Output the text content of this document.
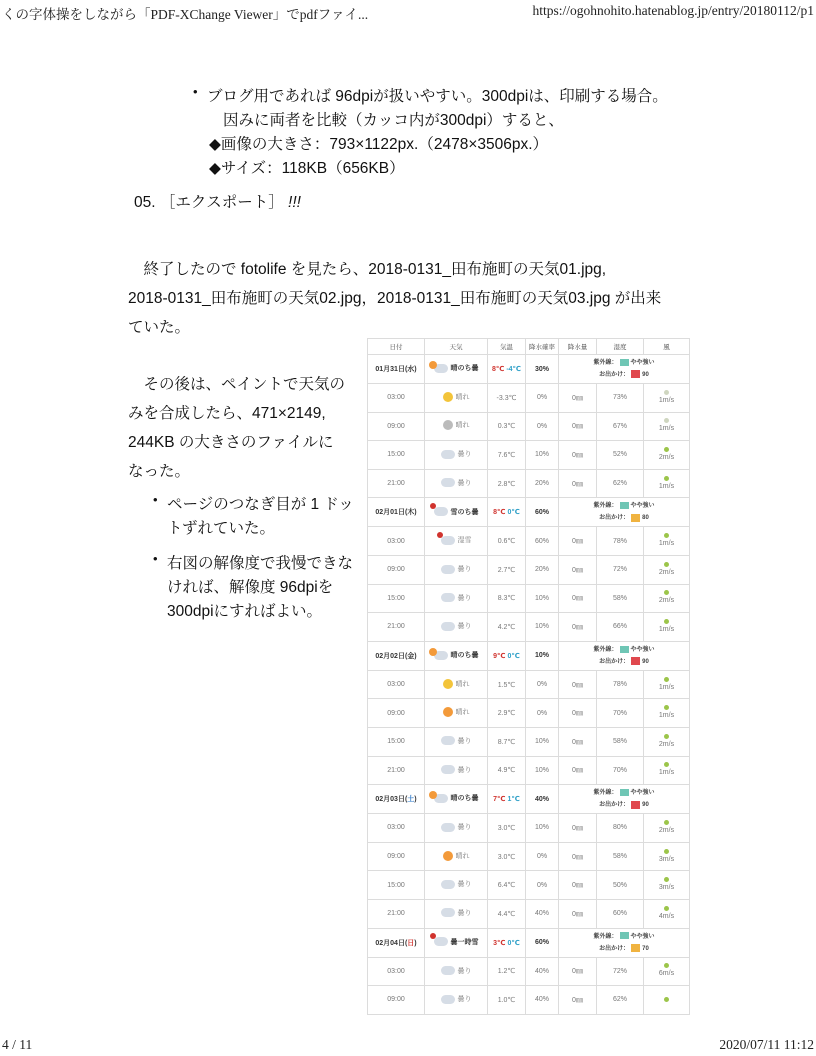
くの字体操をしながら「PDF-XChange Viewer」でpdfファイ...	https://ogohnohito.hatenablog.jp/entry/20180112/p1
• ブログ用であれば 96dpiが扱いやすい。300dpiは、印刷する場合。
因みに両者を比較（カッコ内が300dpi）すると、
◆画像の大きさ：793×1122px.（2478×3506px.）
◆サイズ：118KB（656KB）
05. ［エクスポート］ !!!
　終了したので fotolife を見たら、2018-0131_田布施町の天気01.jpg,
2018-0131_田布施町の天気02.jpg，2018-0131_田布施町の天気03.jpg が出来
ていた。
　その後は、ペイントで天気の
みを合成したら、471×2149,
244KB の大きさのファイルに
なった。
• ページのつなぎ目が 1 ドッ
トずれていた。
• 右図の解像度で我慢できな
ければ、解像度 96dpiを
300dpiにすればよい。
日付	天気	気温	降水確率	降水量	湿度	風
01月31日(水)	晴のち曇	8℃ -4℃	30%	紫外線： やや強い
お出かけ： 90		

03:00	晴れ	-3.3℃	0%	0㎜	73%	1m/s
09:00	晴れ	0.3℃	0%	0㎜	67%	1m/s
15:00	曇り	7.6℃	10%	0㎜	52%	2m/s
21:00	曇り	2.8℃	20%	0㎜	62%	1m/s
02月01日(木)	雪のち曇	8℃ 0℃	60%	紫外線： やや強い
お出かけ： 80		

03:00	湿雪	0.6℃	60%	0㎜	78%	1m/s
09:00	曇り	2.7℃	20%	0㎜	72%	2m/s
15:00	曇り	8.3℃	10%	0㎜	58%	2m/s
21:00	曇り	4.2℃	10%	0㎜	66%	1m/s
02月02日(金)	晴のち曇	9℃ 0℃	10%	紫外線： やや強い
お出かけ： 90		

03:00	晴れ	1.5℃	0%	0㎜	78%	1m/s
09:00	晴れ	2.9℃	0%	0㎜	70%	1m/s
15:00	曇り	8.7℃	10%	0㎜	58%	2m/s
21:00	曇り	4.9℃	10%	0㎜	70%	1m/s
02月03日(土)	晴のち曇	7℃ 1℃	40%	紫外線： やや強い
お出かけ： 90		

03:00	曇り	3.0℃	10%	0㎜	80%	2m/s
09:00	晴れ	3.0℃	0%	0㎜	58%	3m/s
15:00	曇り	6.4℃	0%	0㎜	50%	3m/s
21:00	曇り	4.4℃	40%	0㎜	60%	4m/s
02月04日(日)	曇一時雪	3℃ 0℃	60%	紫外線： やや強い
お出かけ： 70		

03:00	曇り	1.2℃	40%	0㎜	72%	6m/s
09:00	曇り	1.0℃	40%	0㎜	62%	
4 / 11	2020/07/11 11:12
